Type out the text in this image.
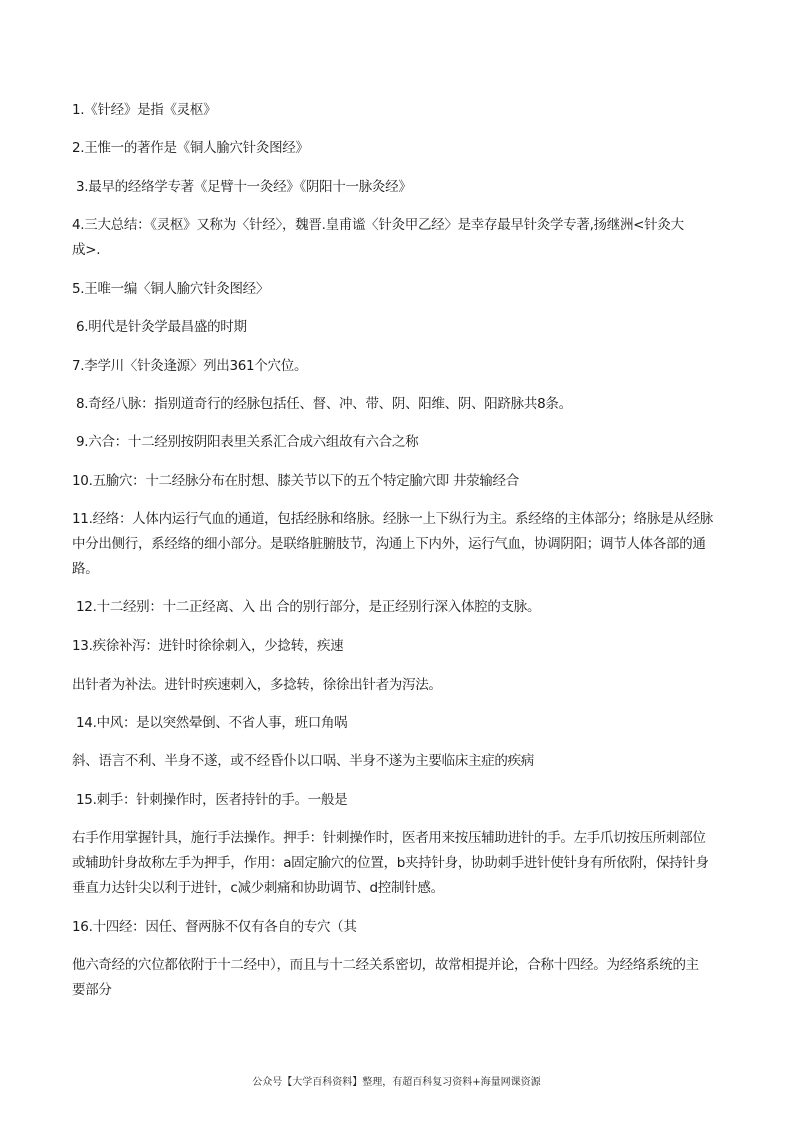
1.《针经》是指《灵枢》
2.王惟一的著作是《铜人腧穴针灸图经》
3.最早的经络学专著《足臂十一灸经》《阴阳十一脉灸经》
4.三大总结：《灵枢》又称为〈针经〉，魏晋.皇甫谧〈针灸甲乙经〉是幸存最早针灸学专著,扬继洲<针灸大
成>.
5.王唯一编〈铜人腧穴针灸图经〉
6.明代是针灸学最昌盛的时期
7.李学川〈针灸逢源〉列出361个穴位。
8.奇经八脉：指别道奇行的经脉包括任、督、冲、带、阴、阳维、阴、阳跻脉共8条。
9.六合：十二经别按阴阳表里关系汇合成六组故有六合之称
10.五腧穴：十二经脉分布在肘想、膝关节以下的五个特定腧穴即 井荥输经合
11.经络：人体内运行气血的通道，包括经脉和络脉。经脉一上下纵行为主。系经络的主体部分；络脉是从经脉
中分出侧行，系经络的细小部分。是联络脏腑肢节，沟通上下内外，运行气血，协调阴阳；调节人体各部的通
路。
12.十二经别：十二正经离、入 出 合的别行部分，是正经别行深入体腔的支脉。
13.疾徐补泻：进针时徐徐刺入，少捻转，疾速
出针者为补法。进针时疾速刺入，多捻转，徐徐出针者为泻法。
14.中风：是以突然晕倒、不省人事，班口角㖞
斜、语言不利、半身不遂，或不经昏仆以口㖞、半身不遂为主要临床主症的疾病
15.刺手：针刺操作时，医者持针的手。一般是
右手作用掌握针具，施行手法操作。押手：针刺操作时，医者用来按压辅助进针的手。左手爪切按压所刺部位
或辅助针身故称左手为押手，作用：a固定腧穴的位置，b夹持针身，协助刺手进针使针身有所依附，保持针身
垂直力达针尖以利于进针，c减少刺痛和协助调节、d控制针感。
16.十四经：因任、督两脉不仅有各自的专穴（其
他六奇经的穴位都依附于十二经中），而且与十二经关系密切，故常相提并论，合称十四经。为经络系统的主
要部分
公众号【大学百科资料】整理，有超百科复习资料+海量网课资源
